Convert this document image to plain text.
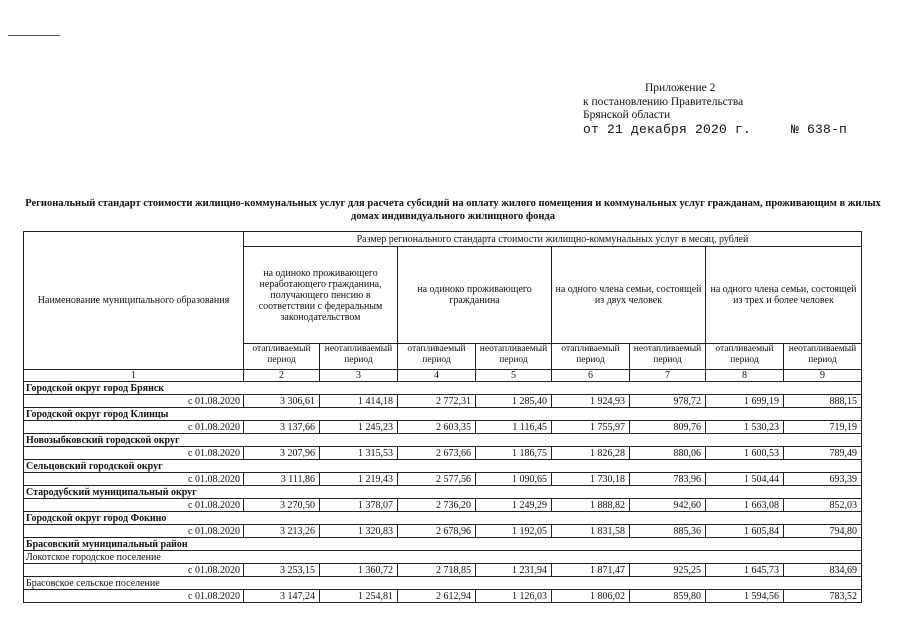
Приложение 2
к постановлению Правительства
Брянской области
от 21 декабря 2020 г.     № 638-п
Региональный стандарт стоимости жилищно-коммунальных услуг для расчета субсидий на оплату жилого помещения и коммунальных услуг гражданам, проживающим в жилых домах индивидуального жилищного фонда
Наименование муниципального образования	Размер регионального стандарта стоимости жилищно-коммунальных услуг в месяц, рублей							
	на одиноко проживающего неработающего гражданина, получающего пенсию в соответствии с федеральным законодательством		на одиноко проживающего гражданина		на одного члена семьи, состоящей из двух человек		на одного члена семьи, состоящей из трех и более человек	
	отапливаемый период	неотапливаемый период	отапливаемый период	неотапливаемый период	отапливаемый период	неотапливаемый период	отапливаемый период	неотапливаемый период
1	2	3	4	5	6	7	8	9
Городской округ город Брянск								
с 01.08.2020	3 306,61	1 414,18	2 772,31	1 285,40	1 924,93	978,72	1 699,19	888,15
Городской округ город Клинцы								
с 01.08.2020	3 137,66	1 245,23	2 603,35	1 116,45	1 755,97	809,76	1 530,23	719,19
Новозыбковский городской округ								
с 01.08.2020	3 207,96	1 315,53	2 673,66	1 186,75	1 826,28	880,06	1 600,53	789,49
Сельцовский городской округ								
с 01.08.2020	3 111,86	1 219,43	2 577,56	1 090,65	1 730,18	783,96	1 504,44	693,39
Стародубский муниципальный округ								
с 01.08.2020	3 270,50	1 378,07	2 736,20	1 249,29	1 888,82	942,60	1 663,08	852,03
Городской округ город Фокино								
с 01.08.2020	3 213,26	1 320,83	2 678,96	1 192,05	1 831,58	885,36	1 605,84	794,80
Брасовский муниципальный район								
Локотское городское поселение								
с 01.08.2020	3 253,15	1 360,72	2 718,85	1 231,94	1 871,47	925,25	1 645,73	834,69
Брасовское сельское поселение								
с 01.08.2020	3 147,24	1 254,81	2 612,94	1 126,03	1 806,02	859,80	1 594,56	783,52
